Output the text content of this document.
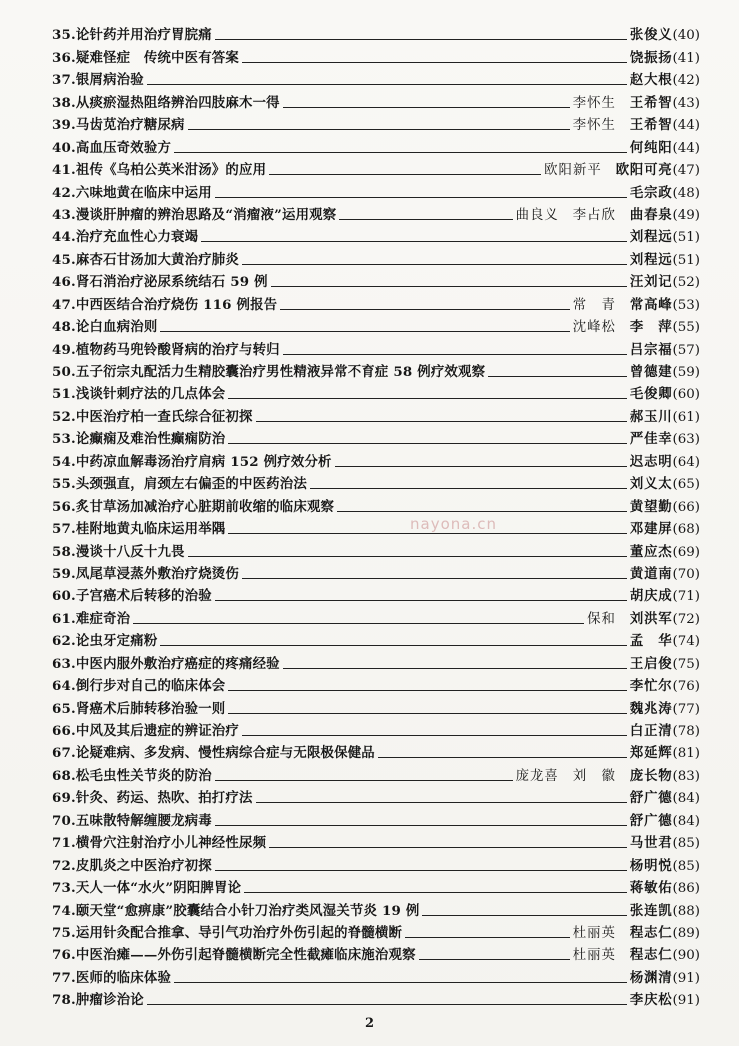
35.论针药并用治疗胃脘痛	张俊义 (40)
36.疑难怪症　传统中医有答案	饶振扬 (41)
37.银屑病治验	赵大根 (42)
38.从痰瘀湿热阻络辨治四肢麻木一得	李怀生	王希智 (43)
39.马齿苋治疗糖尿病	李怀生	王希智 (44)
40.高血压奇效验方	何纯阳 (44)
41.祖传《乌柏公英米泔汤》的应用	欧阳新平	欧阳可亮 (47)
42.六味地黄在临床中运用	毛宗政 (48)
43.漫谈肝肿瘤的辨治思路及“消瘤液”运用观察	曲良义	李占欣	曲春泉 (49)
44.治疗充血性心力衰竭	刘程远 (51)
45.麻杏石甘汤加大黄治疗肺炎	刘程远 (51)
46.肾石消治疗泌尿系统结石 59 例	汪刘记 (52)
47.中西医结合治疗烧伤 116 例报告	常　青	常高峰 (53)
48.论白血病治则	沈峰松	李　萍 (55)
49.植物药马兜铃酸肾病的治疗与转归	吕宗福 (57)
50.五子衍宗丸配活力生精胶囊治疗男性精液异常不育症 58 例疗效观察	曾德建 (59)
51.浅谈针刺疗法的几点体会	毛俊卿 (60)
52.中医治疗柏一查氏综合征初探	郝玉川 (61)
53.论癫痫及难治性癫痫防治	严佳幸 (63)
54.中药凉血解毒汤治疗肩病 152 例疗效分析	迟志明 (64)
55.头颈强直，肩颈左右偏歪的中医药治法	刘义太 (65)
56.炙甘草汤加减治疗心脏期前收缩的临床观察	黄望勤 (66)
57.桂附地黄丸临床运用举隅	邓建屏 (68)
58.漫谈十八反十九畏	董应杰 (69)
59.凤尾草浸蒸外敷治疗烧烫伤	黄道南 (70)
60.子宫癌术后转移的治验	胡庆成 (71)
61.难症奇治	保和	刘洪军 (72)
62.论虫牙定痛粉	孟　华 (74)
63.中医内服外敷治疗癌症的疼痛经验	王启俊 (75)
64.倒行步对自己的临床体会	李忙尔 (76)
65.肾癌术后肺转移治验一则	魏兆涛 (77)
66.中风及其后遗症的辨证治疗	白正清 (78)
67.论疑难病、多发病、慢性病综合症与无限极保健品	郑延辉 (81)
68.松毛虫性关节炎的防治	庞龙喜	刘　徽	庞长物 (83)
69.针灸、药运、热吹、拍打疗法	舒广德 (84)
70.五味散特解缠腰龙病毒	舒广德 (84)
71.横骨穴注射治疗小儿神经性尿频	马世君 (85)
72.皮肌炎之中医治疗初探	杨明悦 (85)
73.天人一体“水火”阴阳脾胃论	蒋敏佑 (86)
74.颐天堂“愈痹康”胶囊结合小针刀治疗类风湿关节炎 19 例	张连凯 (88)
75.运用针灸配合推拿、导引气功治疗外伤引起的脊髓横断	杜丽英	程志仁 (89)
76.中医治瘫——外伤引起脊髓横断完全性截瘫临床施治观察	杜丽英	程志仁 (90)
77.医师的临床体验	杨渊清 (91)
78.肿瘤诊治论	李庆松 (91)
nayona.cn
2
